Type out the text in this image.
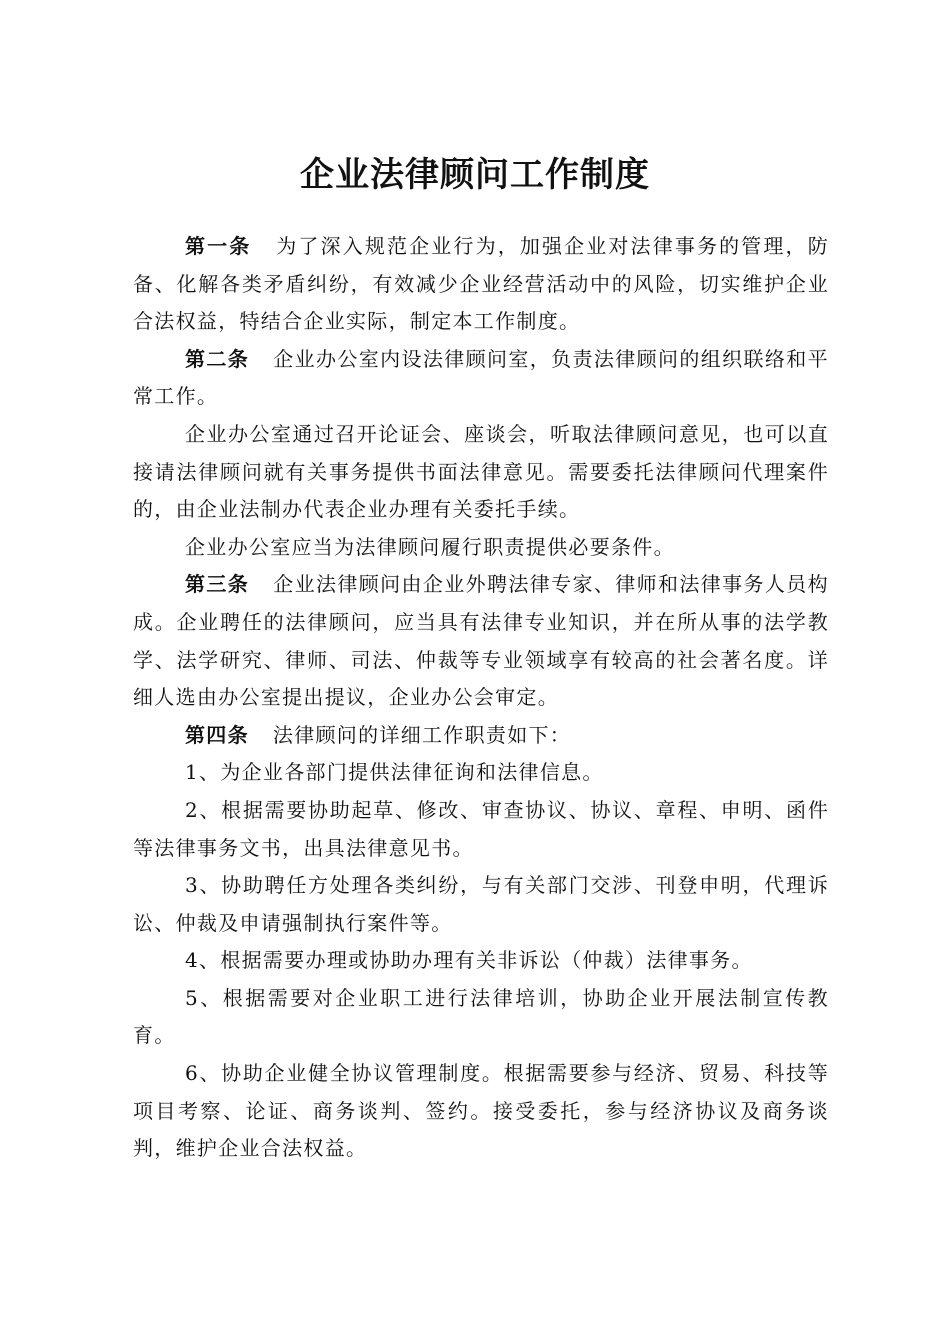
企业法律顾问工作制度

第一条 为了深入规范企业行为，加强企业对法律事务的管理，防备、化解各类矛盾纠纷，有效减少企业经营活动中的风险，切实维护企业合法权益，特结合企业实际，制定本工作制度。

第二条 企业办公室内设法律顾问室，负责法律顾问的组织联络和平常工作。

企业办公室通过召开论证会、座谈会，听取法律顾问意见，也可以直接请法律顾问就有关事务提供书面法律意见。需要委托法律顾问代理案件的，由企业法制办代表企业办理有关委托手续。

企业办公室应当为法律顾问履行职责提供必要条件。

第三条 企业法律顾问由企业外聘法律专家、律师和法律事务人员构成。企业聘任的法律顾问，应当具有法律专业知识，并在所从事的法学教学、法学研究、律师、司法、仲裁等专业领域享有较高的社会著名度。详细人选由办公室提出提议，企业办公会审定。

第四条 法律顾问的详细工作职责如下：

1、为企业各部门提供法律征询和法律信息。

2、根据需要协助起草、修改、审查协议、协议、章程、申明、函件等法律事务文书，出具法律意见书。

3、协助聘任方处理各类纠纷，与有关部门交涉、刊登申明，代理诉讼、仲裁及申请强制执行案件等。

4、根据需要办理或协助办理有关非诉讼（仲裁）法律事务。

5、根据需要对企业职工进行法律培训，协助企业开展法制宣传教育。

6、协助企业健全协议管理制度。根据需要参与经济、贸易、科技等项目考察、论证、商务谈判、签约。接受委托，参与经济协议及商务谈判，维护企业合法权益。
